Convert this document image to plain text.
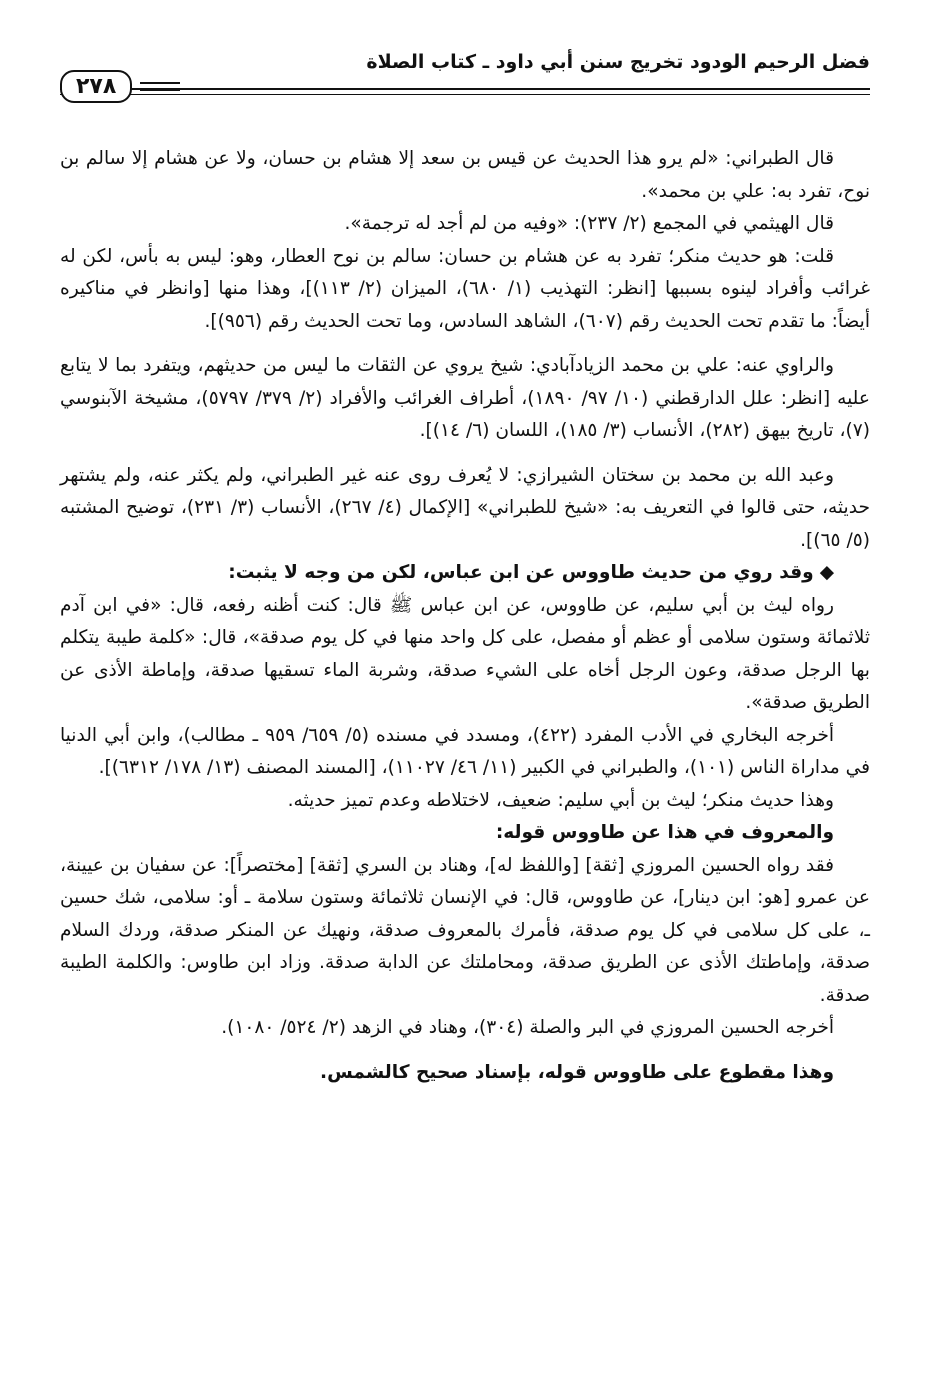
فضل الرحيم الودود تخريج سنن أبي داود ـ كتاب الصلاة
٢٧٨

قال الطبراني: «لم يرو هذا الحديث عن قيس بن سعد إلا هشام بن حسان، ولا عن هشام إلا سالم بن نوح، تفرد به: علي بن محمد».

قال الهيثمي في المجمع (٢/ ٢٣٧): «وفيه من لم أجد له ترجمة».

قلت: هو حديث منكر؛ تفرد به عن هشام بن حسان: سالم بن نوح العطار، وهو: ليس به بأس، لكن له غرائب وأفراد لينوه بسببها [انظر: التهذيب (١/ ٦٨٠)، الميزان (٢/ ١١٣)]، وهذا منها [وانظر في مناكيره أيضاً: ما تقدم تحت الحديث رقم (٦٠٧)، الشاهد السادس، وما تحت الحديث رقم (٩٥٦)].

والراوي عنه: علي بن محمد الزيادآبادي: شيخ يروي عن الثقات ما ليس من حديثهم، ويتفرد بما لا يتابع عليه [انظر: علل الدارقطني (١٠/ ٩٧/ ١٨٩٠)، أطراف الغرائب والأفراد (٢/ ٣٧٩/ ٥٧٩٧)، مشيخة الآبنوسي (٧)، تاريخ بيهق (٢٨٢)، الأنساب (٣/ ١٨٥)، اللسان (٦/ ١٤)].

وعبد الله بن محمد بن سختان الشيرازي: لا يُعرف روى عنه غير الطبراني، ولم يكثر عنه، ولم يشتهر حديثه، حتى قالوا في التعريف به: «شيخ للطبراني» [الإكمال (٤/ ٢٦٧)، الأنساب (٣/ ٢٣١)، توضيح المشتبه (٥/ ٦٥)].

◆وقد روي من حديث طاووس عن ابن عباس، لكن من وجه لا يثبت:

رواه ليث بن أبي سليم، عن طاووس، عن ابن عباس ﷺ قال: كنت أظنه رفعه، قال: «في ابن آدم ثلاثمائة وستون سلامى أو عظم أو مفصل، على كل واحد منها في كل يوم صدقة»، قال: «كلمة طيبة يتكلم بها الرجل صدقة، وعون الرجل أخاه على الشيء صدقة، وشربة الماء تسقيها صدقة، وإماطة الأذى عن الطريق صدقة».

أخرجه البخاري في الأدب المفرد (٤٢٢)، ومسدد في مسنده (٥/ ٦٥٩/ ٩٥٩ ـ مطالب)، وابن أبي الدنيا في مداراة الناس (١٠١)، والطبراني في الكبير (١١/ ٤٦/ ١١٠٢٧)، [المسند المصنف (١٣/ ١٧٨/ ٦٣١٢)].

وهذا حديث منكر؛ ليث بن أبي سليم: ضعيف، لاختلاطه وعدم تميز حديثه.

والمعروف في هذا عن طاووس قوله:

فقد رواه الحسين المروزي [ثقة] [واللفظ له]، وهناد بن السري [ثقة] [مختصراً]: عن سفيان بن عيينة، عن عمرو [هو: ابن دينار]، عن طاووس، قال: في الإنسان ثلاثمائة وستون سلامة ـ أو: سلامى، شك حسين ـ، على كل سلامى في كل يوم صدقة، فأمرك بالمعروف صدقة، ونهيك عن المنكر صدقة، وردك السلام صدقة، وإماطتك الأذى عن الطريق صدقة، ومحاملتك عن الدابة صدقة. وزاد ابن طاوس: والكلمة الطيبة صدقة.

أخرجه الحسين المروزي في البر والصلة (٣٠٤)، وهناد في الزهد (٢/ ٥٢٤/ ١٠٨٠).

وهذا مقطوع على طاووس قوله، بإسناد صحيح كالشمس.
